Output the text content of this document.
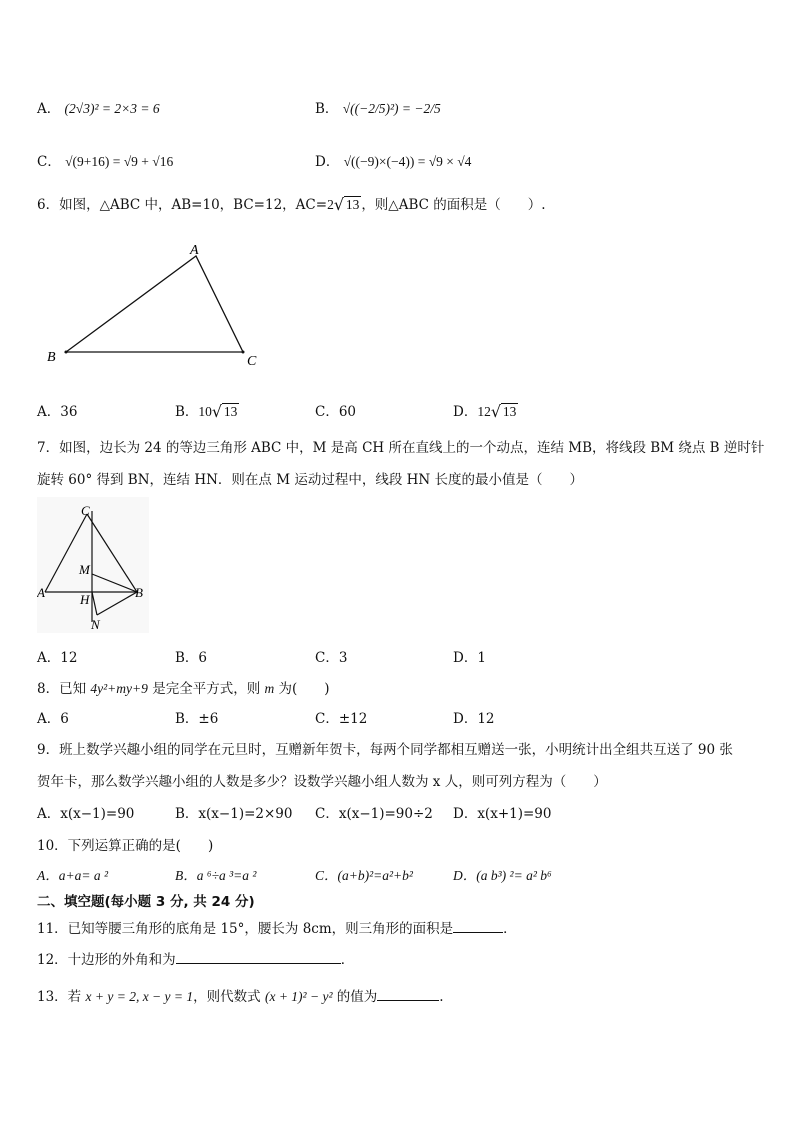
A． (2√3)² = 2×3 = 6	B． √((−2/5)²) = −2/5
C． √(9+16) = √9 + √16	D． √((−9)×(−4)) = √9 × √4
6．如图，△ABC 中，AB=10，BC=12，AC=2 √ 13 ，则△ABC 的面积是（　　）.
A
B	C
A．36	B．10 √ 13	C．60	D．12 √ 13
7．如图，边长为 24 的等边三角形 ABC 中，M 是高 CH 所在直线上的一个动点，连结 MB，将线段 BM 绕点 B 逆时针
旋转 60° 得到 BN，连结 HN．则在点 M 运动过程中，线段 HN 长度的最小值是（　　）
C
M
A	H	B
N
A．12	B．6	C．3	D．1
8．已知 4y²+my+9 是完全平方式，则 m 为(　　)
A．6	B．±6	C．±12	D．12
9．班上数学兴趣小组的同学在元旦时，互赠新年贺卡，每两个同学都相互赠送一张，小明统计出全组共互送了 90 张
贺年卡，那么数学兴趣小组的人数是多少？设数学兴趣小组人数为 x 人，则可列方程为（　　）
A．x(x−1)=90	B．x(x−1)=2×90 C．x(x−1)=90÷2 D．x(x+1)=90
10．下列运算正确的是(　　)
A．a+a= a ²	B．a ⁶÷a ³=a ²	C．(a+b)²=a²+b²	D．(a b³) ²= a² b⁶
二、填空题(每小题 3 分, 共 24 分)
11．已知等腰三角形的底角是 15°，腰长为 8cm，则三角形的面积是	．
12．十边形的外角和为	．
13．若 x + y = 2, x − y = 1，则代数式 (x + 1)² − y² 的值为	.
